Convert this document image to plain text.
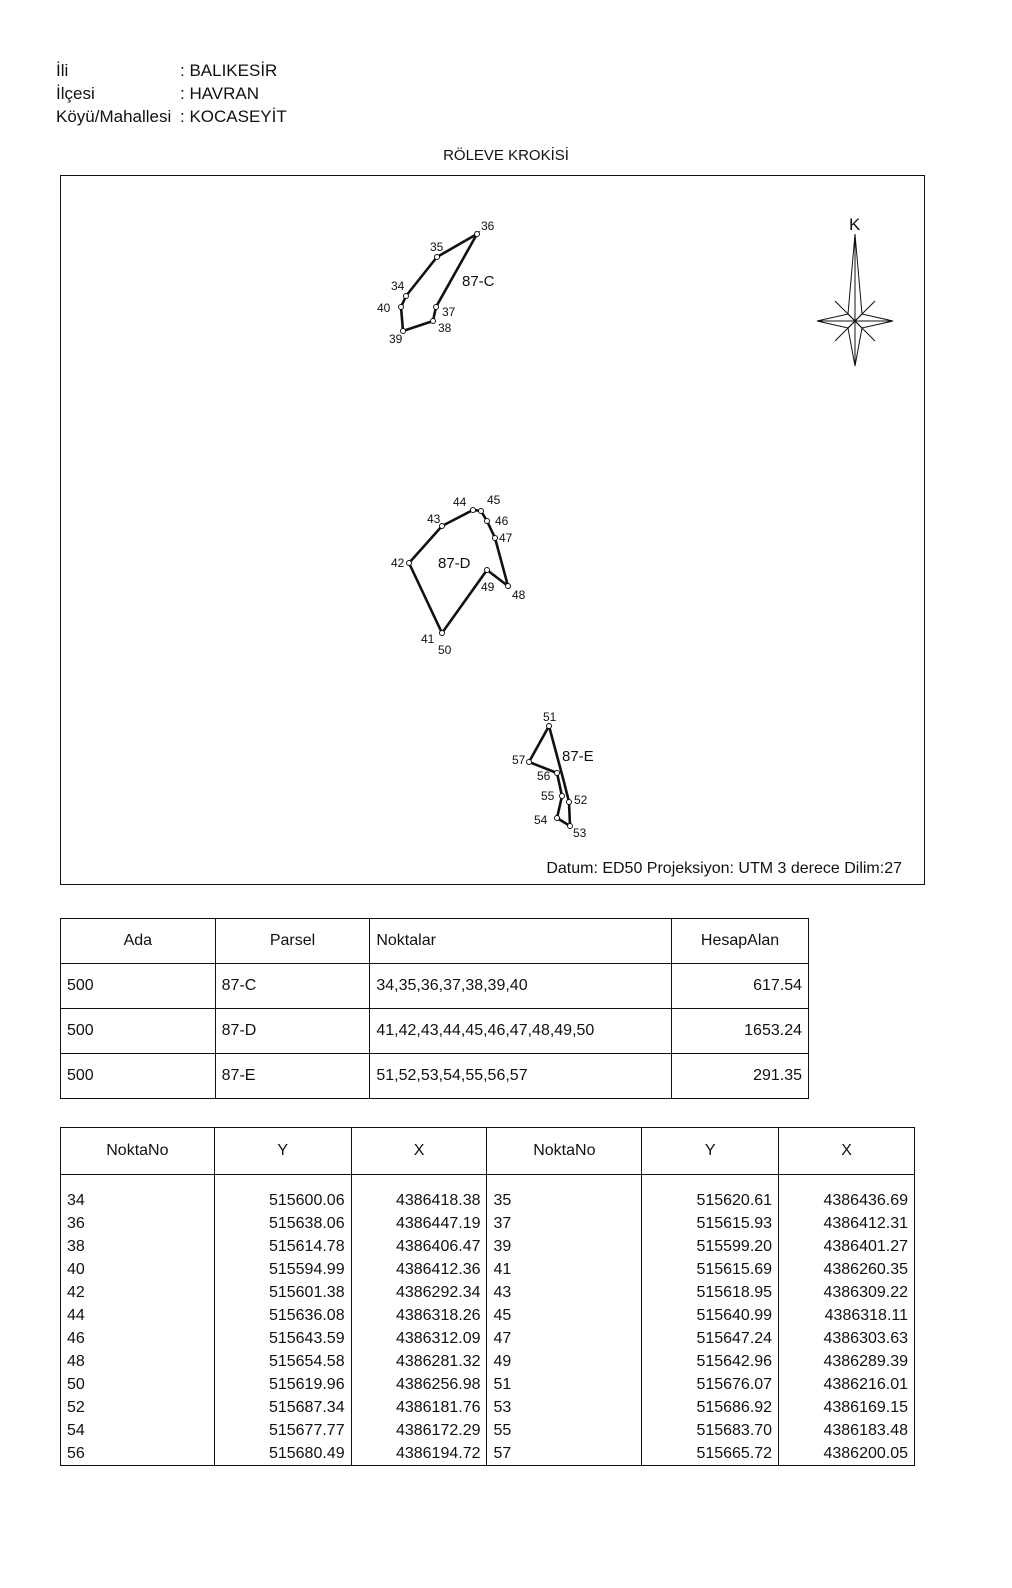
İli	: BALIKESİR
İlçesi	: HAVRAN
Köyü/Mahallesi : KOCASEYİT
RÖLEVE KROKİSİ
34
35
36
37
38
39
40
87-C
41
42
43
44 45
46
47
48
49
50
87-D
51
52
53
54
55
56
57 87-E
K
Datum: ED50 Projeksiyon: UTM 3 derece Dilim:27
Ada	Parsel	Noktalar	HesapAlan
500	87-C	34,35,36,37,38,39,40	617.54
500	87-D	41,42,43,44,45,46,47,48,49,50	1653.24
500	87-E	51,52,53,54,55,56,57	291.35
NoktaNo	Y	X	NoktaNo	Y	X

34	515600.06	4386418.38	35	515620.61	4386436.69
36	515638.06	4386447.19	37	515615.93	4386412.31
38	515614.78	4386406.47	39	515599.20	4386401.27
40	515594.99	4386412.36	41	515615.69	4386260.35
42	515601.38	4386292.34	43	515618.95	4386309.22
44	515636.08	4386318.26	45	515640.99	4386318.11
46	515643.59	4386312.09	47	515647.24	4386303.63
48	515654.58	4386281.32	49	515642.96	4386289.39
50	515619.96	4386256.98	51	515676.07	4386216.01
52	515687.34	4386181.76	53	515686.92	4386169.15
54	515677.77	4386172.29	55	515683.70	4386183.48
56	515680.49	4386194.72	57	515665.72	4386200.05
